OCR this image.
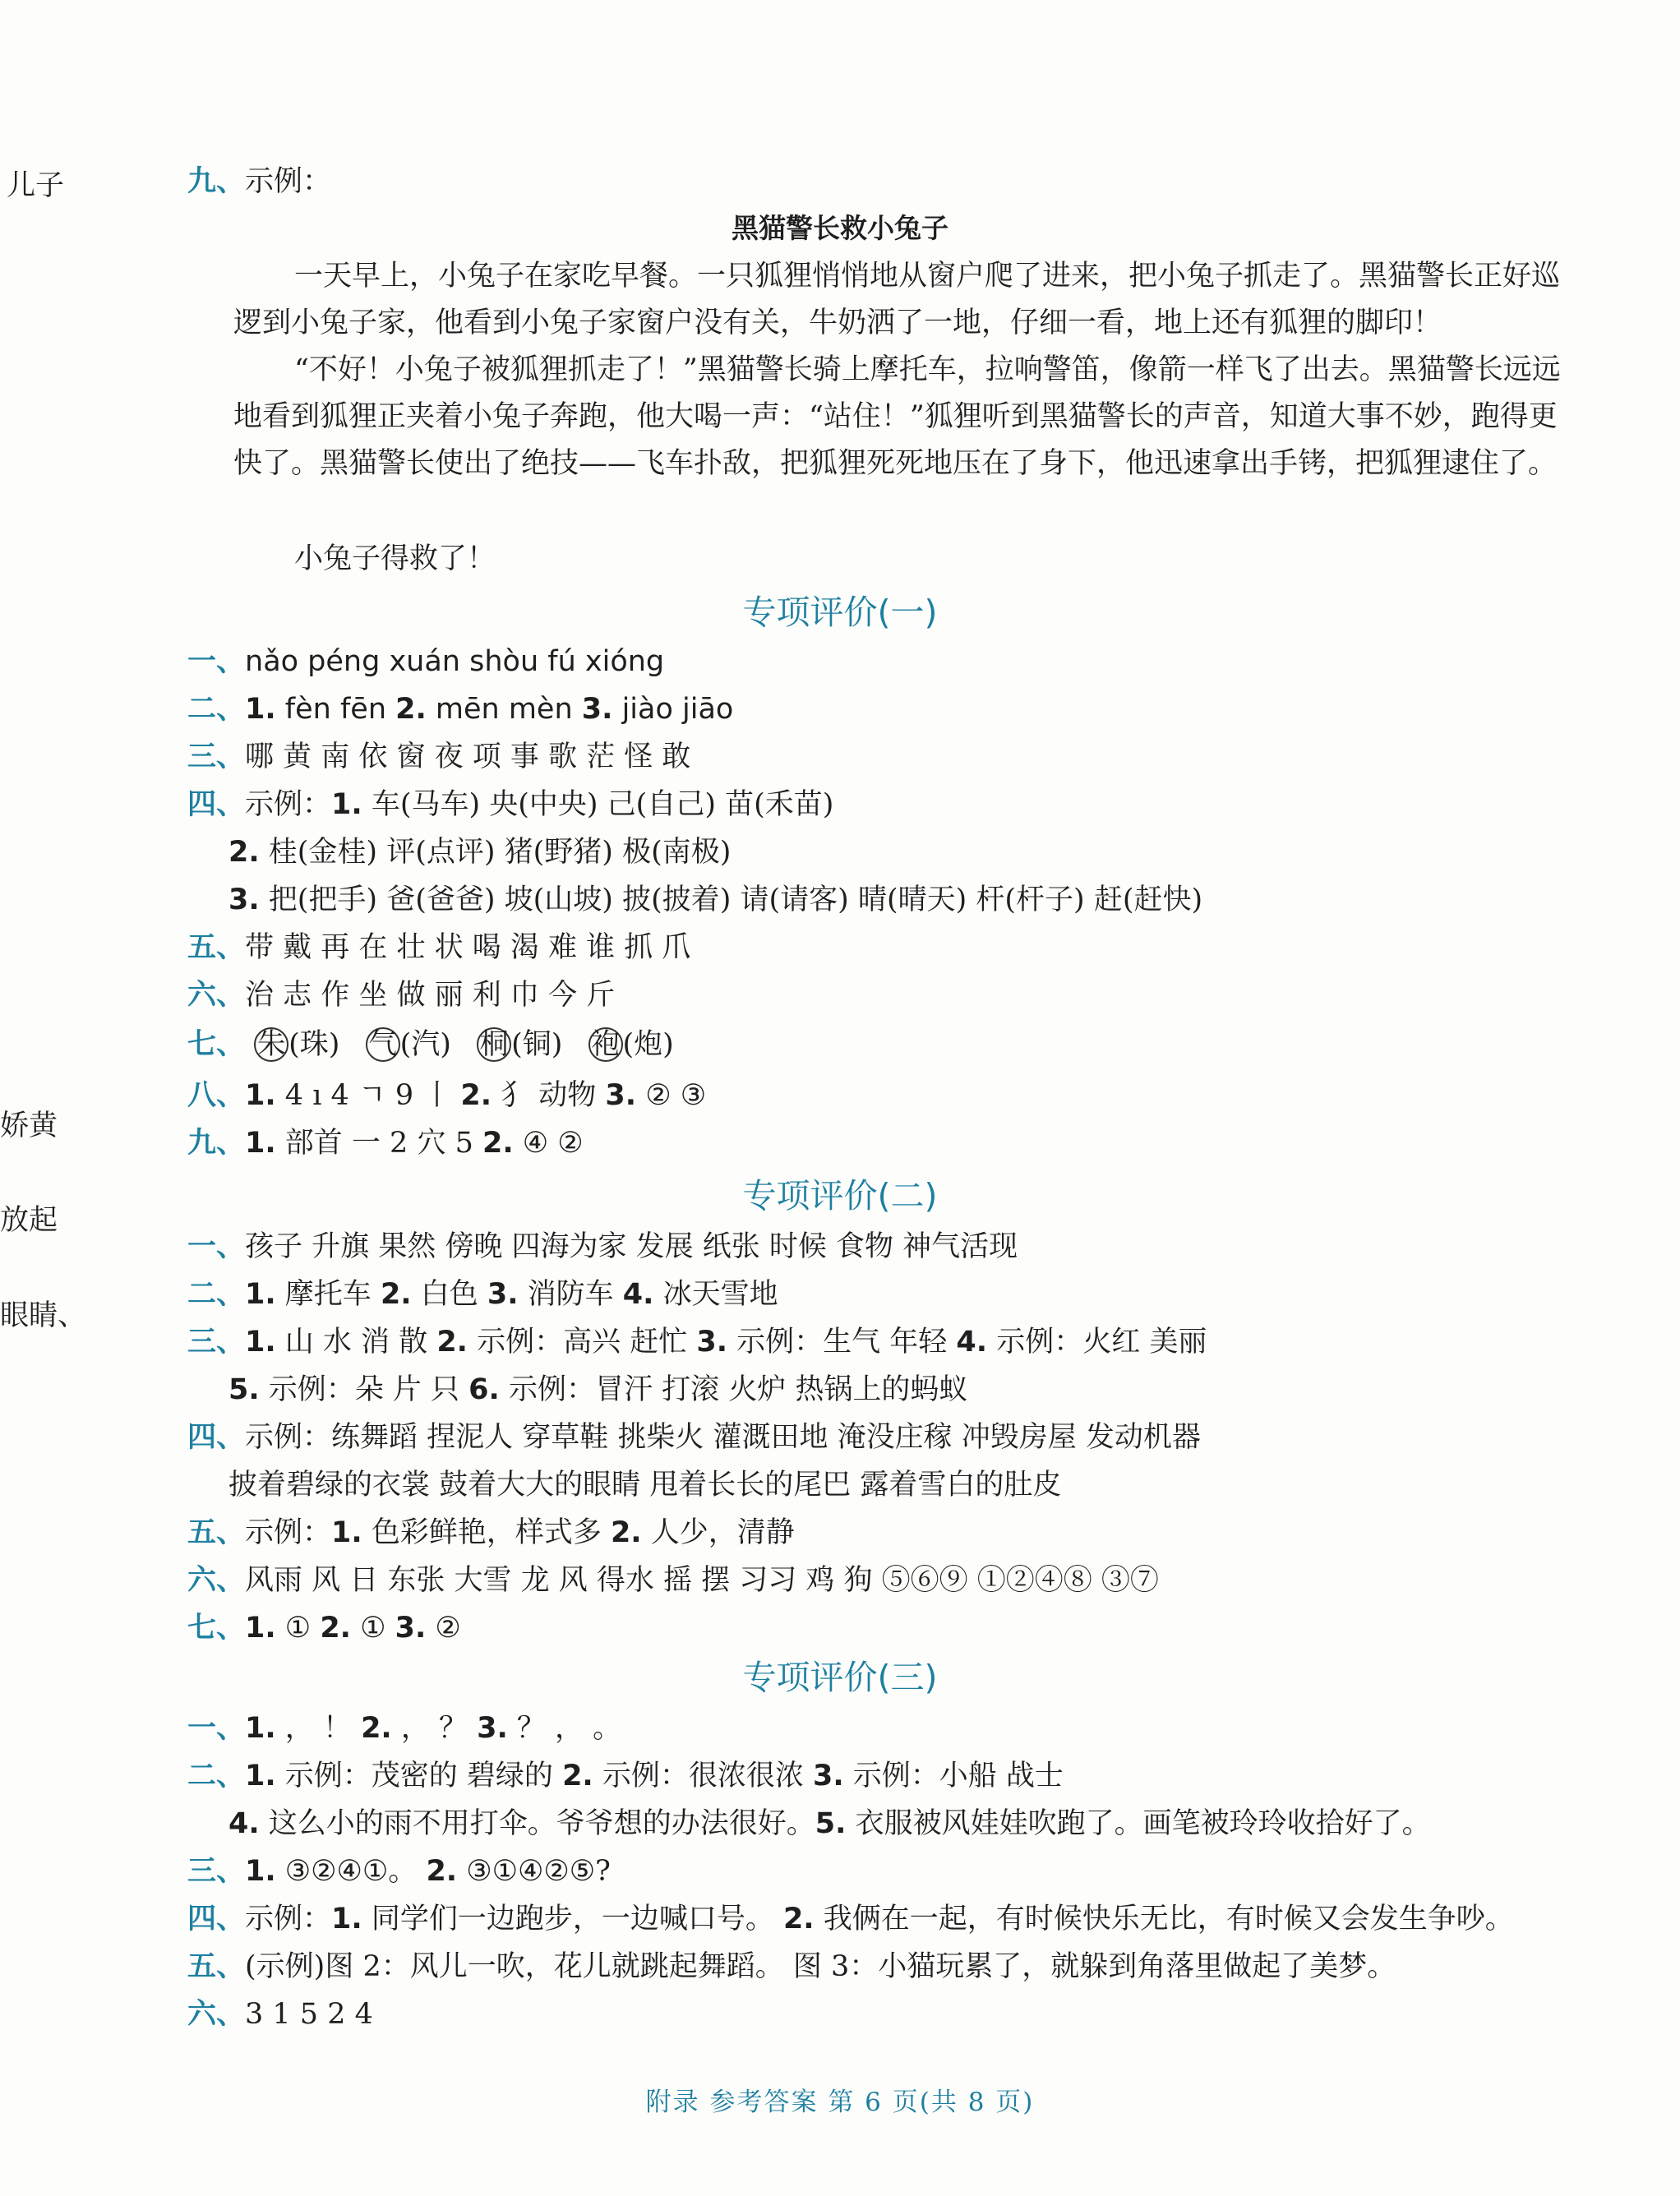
儿子
娇黄
放起
眼睛、
九、示例：
黑猫警长救小兔子
一天早上，小兔子在家吃早餐。一只狐狸悄悄地从窗户爬了进来，把小兔子抓走了。黑猫警长正好巡逻到小兔子家，他看到小兔子家窗户没有关，牛奶洒了一地，仔细一看，地上还有狐狸的脚印！
“不好！小兔子被狐狸抓走了！”黑猫警长骑上摩托车，拉响警笛，像箭一样飞了出去。黑猫警长远远地看到狐狸正夹着小兔子奔跑，他大喝一声：“站住！”狐狸听到黑猫警长的声音，知道大事不妙，跑得更快了。黑猫警长使出了绝技——飞车扑敌，把狐狸死死地压在了身下，他迅速拿出手铐，把狐狸逮住了。
小兔子得救了！
专项评价(一)
一、nǎo péng xuán shòu fú xióng
二、1. fèn fēn 2. mēn mèn 3. jiào jiāo
三、哪 黄 南 依 窗 夜 项 事 歌 茫 怪 敢
四、示例：1. 车(马车) 央(中央) 己(自己) 苗(禾苗)
2. 桂(金桂) 评(点评) 猪(野猪) 极(南极)
3. 把(把手) 爸(爸爸) 坡(山坡) 披(披着) 请(请客) 晴(晴天) 杆(杆子) 赶(赶快)
五、带 戴 再 在 壮 状 喝 渴 难 谁 抓 爪
六、治 志 作 坐 做 丽 利 巾 今 斤
七、 朱 (珠) 气 (汽) 桐 (铜) 袍 (炮)
八、1. 4 ı 4 ㄱ 9 丨 2. 犭 动物 3. ② ③
九、1. 部首 一 2 穴 5 2. ④ ②
专项评价(二)
一、孩子 升旗 果然 傍晚 四海为家 发展 纸张 时候 食物 神气活现
二、1. 摩托车 2. 白色 3. 消防车 4. 冰天雪地
三、1. 山 水 消 散 2. 示例：高兴 赶忙 3. 示例：生气 年轻 4. 示例：火红 美丽
5. 示例：朵 片 只 6. 示例：冒汗 打滚 火炉 热锅上的蚂蚁
四、示例：练舞蹈 捏泥人 穿草鞋 挑柴火 灌溉田地 淹没庄稼 冲毁房屋 发动机器
披着碧绿的衣裳 鼓着大大的眼睛 甩着长长的尾巴 露着雪白的肚皮
五、示例：1. 色彩鲜艳，样式多 2. 人少，清静
六、风雨 风 日 东张 大雪 龙 风 得水 摇 摆 习习 鸡 狗 ⑤⑥⑨ ①②④⑧ ③⑦
七、1. ① 2. ① 3. ②
专项评价(三)
一、1. ， ！ 2. ， ？ 3. ？ ， 。
二、1. 示例：茂密的 碧绿的 2. 示例：很浓很浓 3. 示例：小船 战士
4. 这么小的雨不用打伞。爷爷想的办法很好。5. 衣服被风娃娃吹跑了。画笔被玲玲收拾好了。
三、1. ③②④①。 2. ③①④②⑤?
四、示例：1. 同学们一边跑步，一边喊口号。 2. 我俩在一起，有时候快乐无比，有时候又会发生争吵。
五、(示例)图 2：风儿一吹，花儿就跳起舞蹈。 图 3：小猫玩累了，就躲到角落里做起了美梦。
六、3 1 5 2 4
附录 参考答案 第 6 页(共 8 页)
